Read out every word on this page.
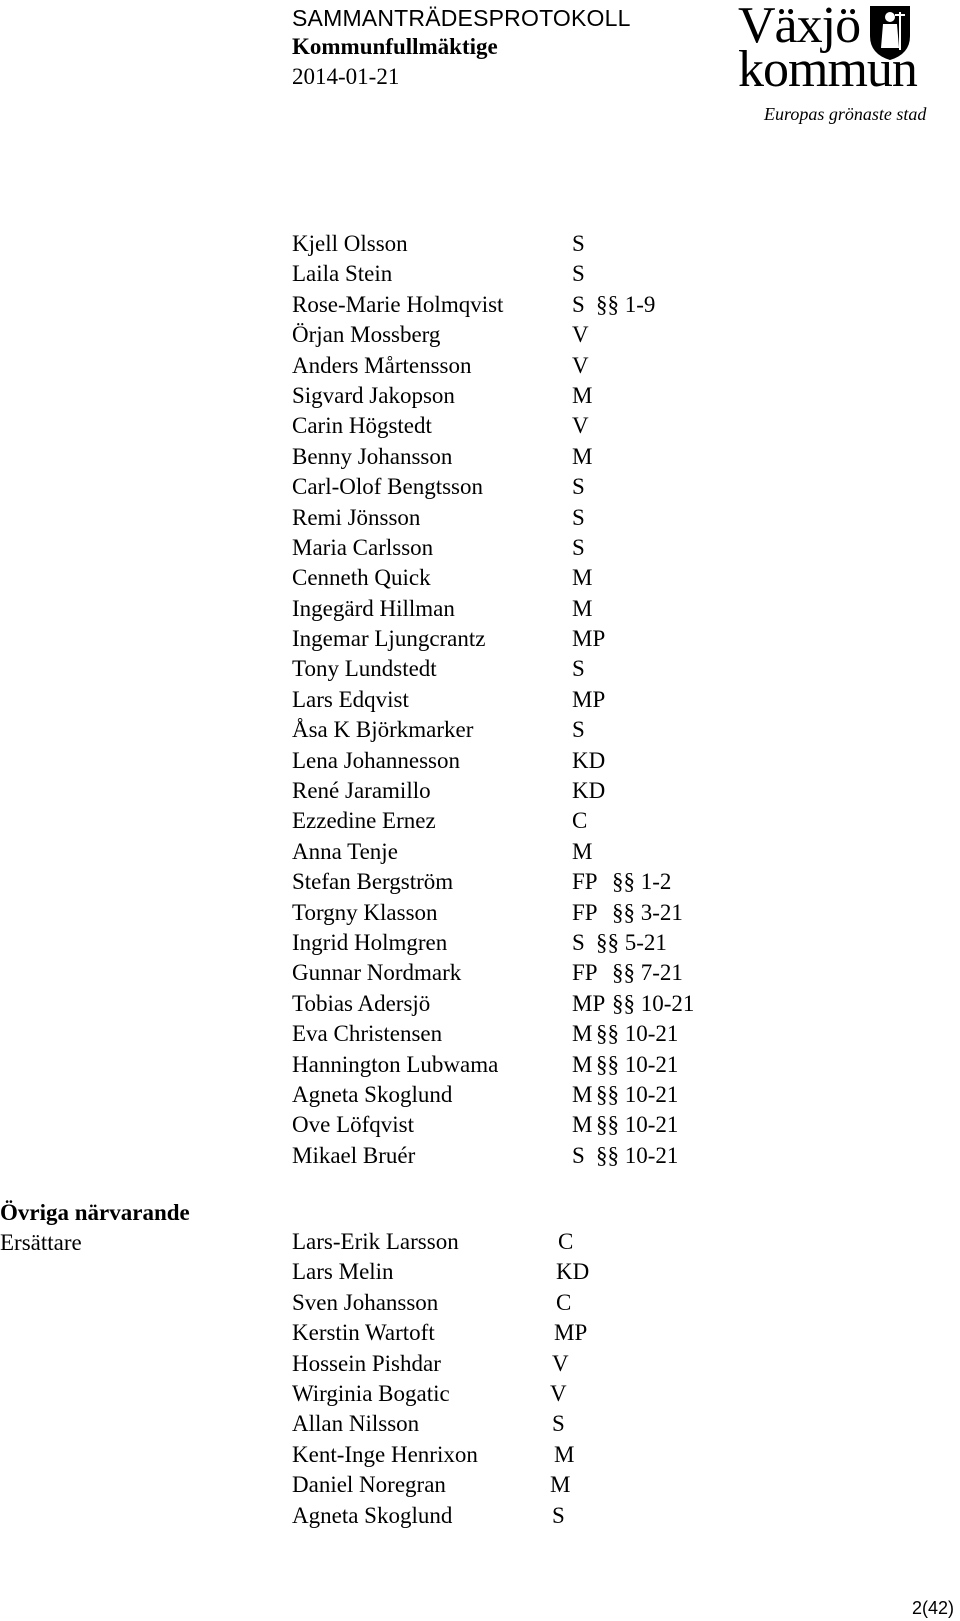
SAMMANTRÄDESPROTOKOLL
Kommunfullmäktige
2014-01-21
Växjö
kommun
Europas grönaste stad
Kjell Olsson	S
Laila Stein	S
Rose-Marie Holmqvist	S §§ 1-9
Örjan Mossberg	V
Anders Mårtensson	V
Sigvard Jakopson	M
Carin Högstedt	V
Benny Johansson	M
Carl-Olof Bengtsson	S
Remi Jönsson	S
Maria Carlsson	S
Cenneth Quick	M
Ingegärd Hillman	M
Ingemar Ljungcrantz	MP
Tony Lundstedt	S
Lars Edqvist	MP
Åsa K Björkmarker	S
Lena Johannesson	KD
René Jaramillo	KD
Ezzedine Ernez	C
Anna Tenje	M
Stefan Bergström	FP §§ 1-2
Torgny Klasson	FP §§ 3-21
Ingrid Holmgren	S §§ 5-21
Gunnar Nordmark	FP §§ 7-21
Tobias Adersjö	MP §§ 10-21
Eva Christensen	M §§ 10-21
Hannington Lubwama	M §§ 10-21
Agneta Skoglund	M §§ 10-21
Ove Löfqvist	M §§ 10-21
Mikael Bruér	S §§ 10-21
Övriga närvarande
Ersättare	Lars-Erik Larsson	C
Lars Melin	KD
Sven Johansson	C
Kerstin Wartoft	MP
Hossein Pishdar	V
Wirginia Bogatic	V
Allan Nilsson	S
Kent-Inge Henrixon	M
Daniel Noregran	M
Agneta Skoglund	S
2(42)
